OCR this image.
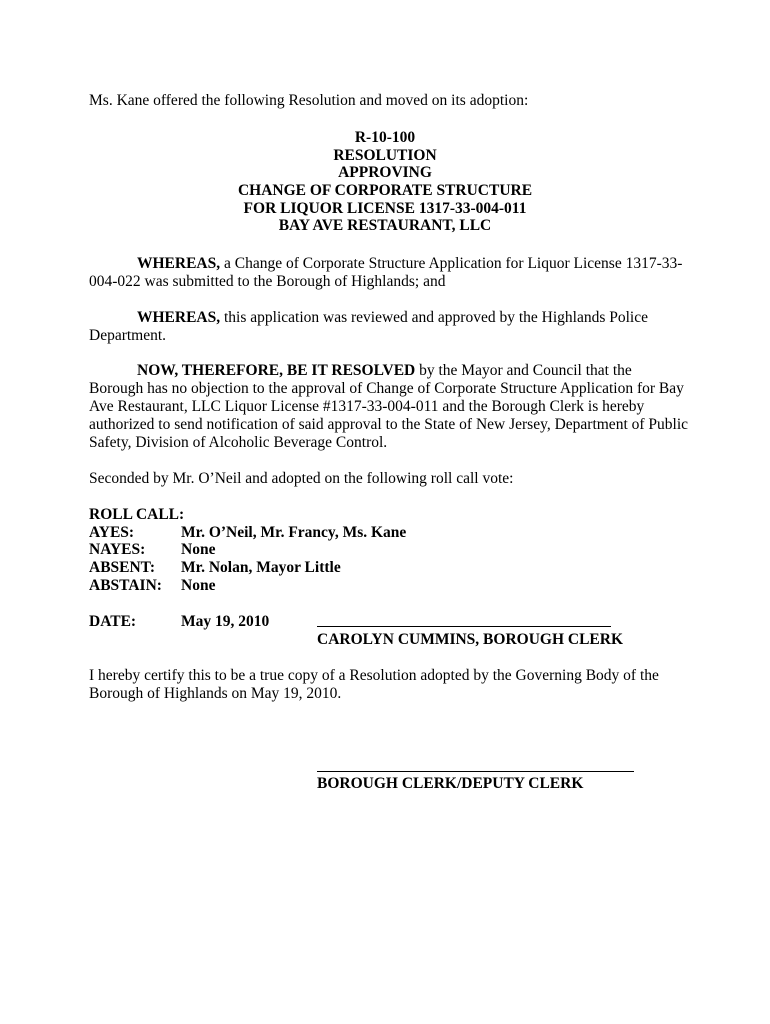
Ms. Kane offered the following Resolution and moved on its adoption:
R-10-100
RESOLUTION
APPROVING
CHANGE OF CORPORATE STRUCTURE
FOR LIQUOR LICENSE 1317-33-004-011
BAY AVE RESTAURANT, LLC
WHEREAS, a Change of Corporate Structure Application for Liquor License 1317-33-004-022 was submitted to the Borough of Highlands; and
WHEREAS, this application was reviewed and approved by the Highlands Police Department.
NOW, THEREFORE, BE IT RESOLVED by the Mayor and Council that the Borough has no objection to the approval of Change of Corporate Structure Application for Bay Ave Restaurant, LLC Liquor License #1317-33-004-011 and the Borough Clerk is hereby authorized to send notification of said approval to the State of New Jersey, Department of Public Safety, Division of Alcoholic Beverage Control.
Seconded by Mr. O’Neil and adopted on the following roll call vote:
ROLL CALL:
AYES:	Mr. O’Neil, Mr. Francy, Ms. Kane
NAYES: None
ABSENT: Mr. Nolan, Mayor Little
ABSTAIN: None
DATE:	May 19, 2010
CAROLYN CUMMINS, BOROUGH CLERK
I hereby certify this to be a true copy of a Resolution adopted by the Governing Body of the Borough of Highlands on May 19, 2010.
BOROUGH CLERK/DEPUTY CLERK
